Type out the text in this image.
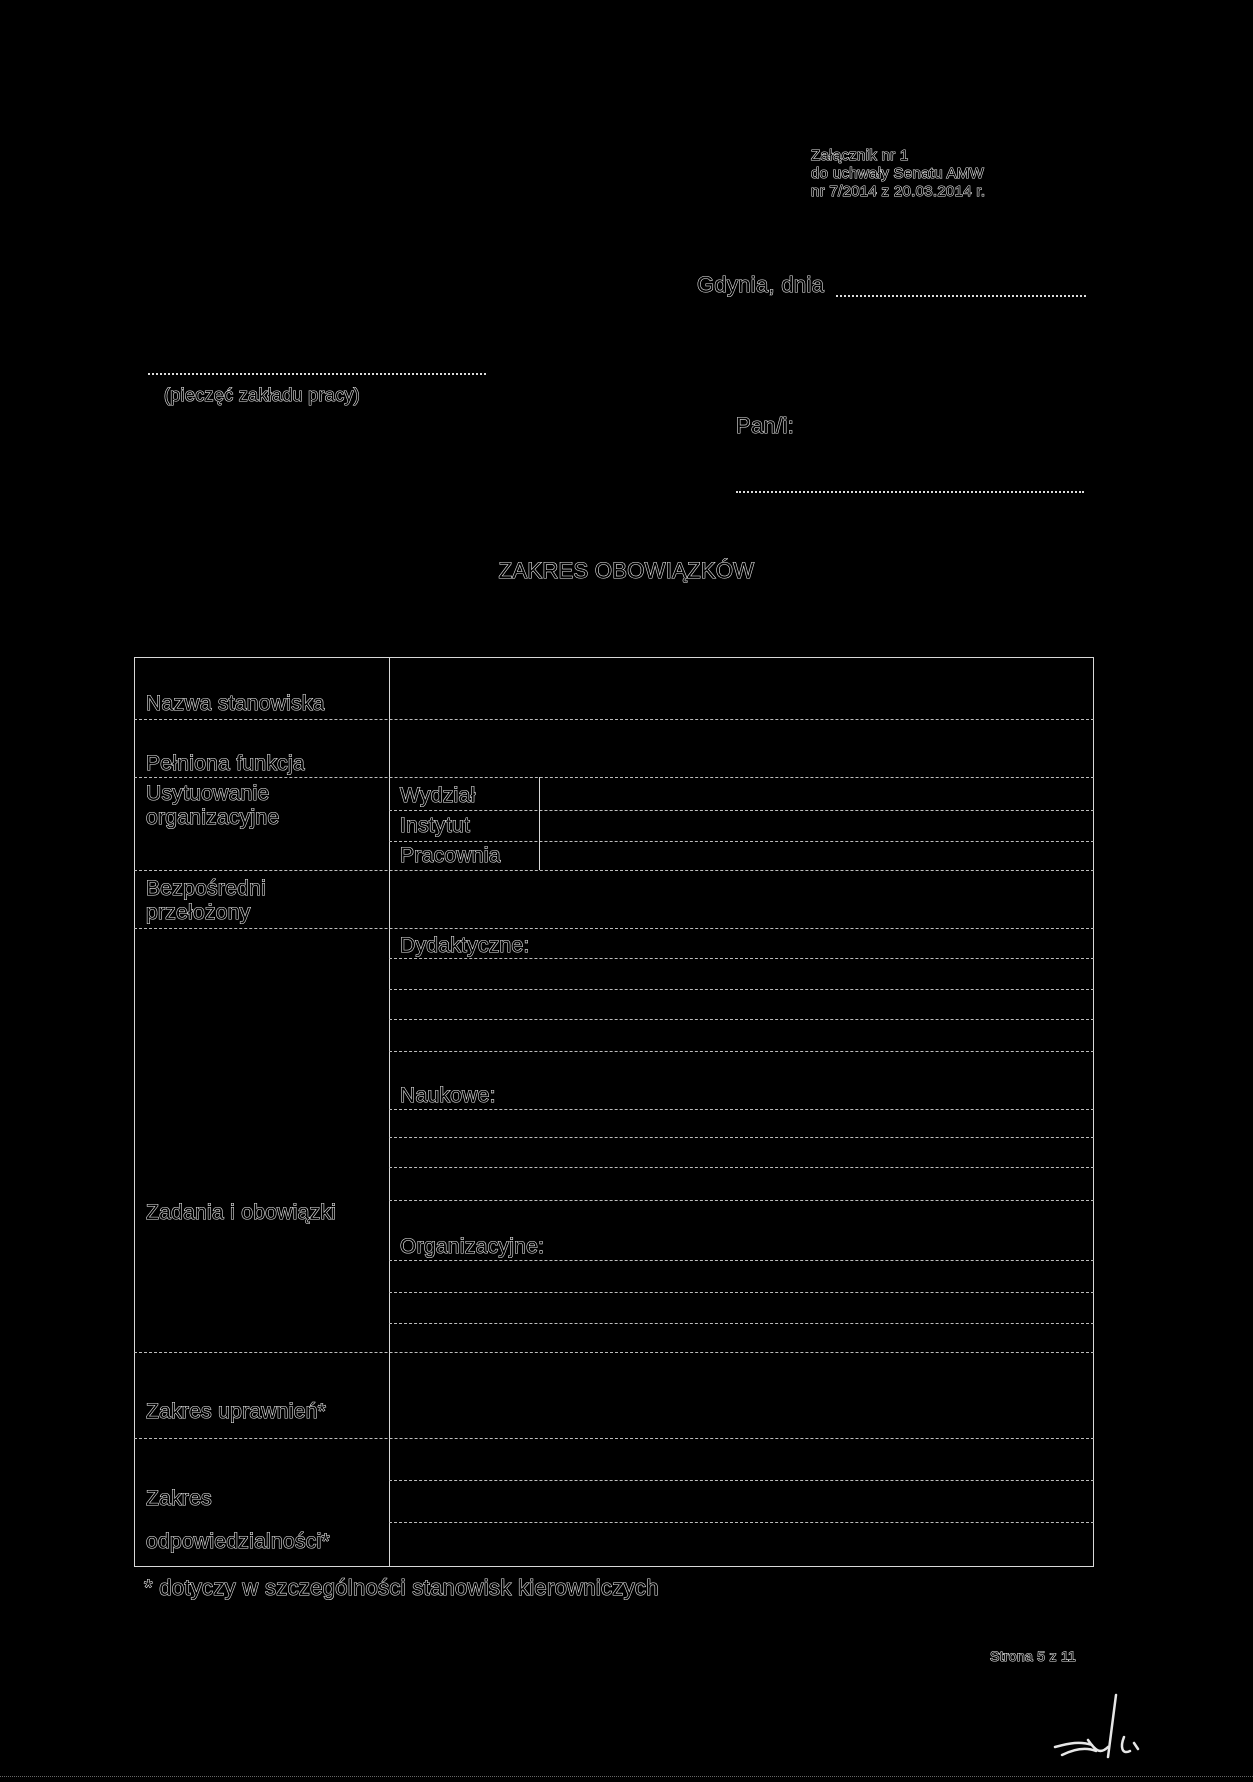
Załącznik nr 1
do uchwały Senatu AMW
nr 7/2014 z 20.03.2014 r.
Gdynia, dnia
(pieczęć zakładu pracy)
Pan/i:
ZAKRES OBOWIĄZKÓW
Nazwa stanowiska
Pełniona funkcja
Usytuowanie organizacyjne
Wydział
Instytut
Pracownia
Bezpośredni przełożony
Dydaktyczne:
Naukowe:
Zadania i obowiązki
Organizacyjne:
Zakres uprawnień*
Zakres
odpowiedzialności*
* dotyczy w szczególności stanowisk kierowniczych
Strona 5 z 11
